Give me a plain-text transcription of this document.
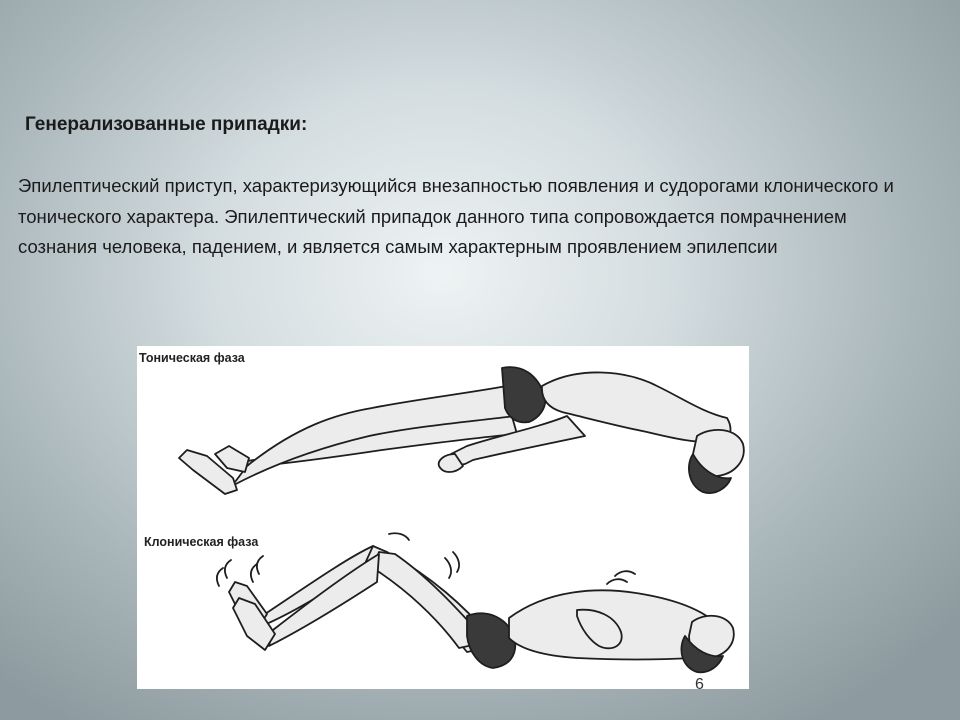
Генерализованные припадки:

Эпилептический приступ, характеризующийся внезапностью появления и судорогами клонического и тонического характера. Эпилептический припадок данного типа сопровождается помрачнением сознания человека, падением, и является самым характерным проявлением эпилепсии

Тоническая фаза
Клоническая фаза
6
